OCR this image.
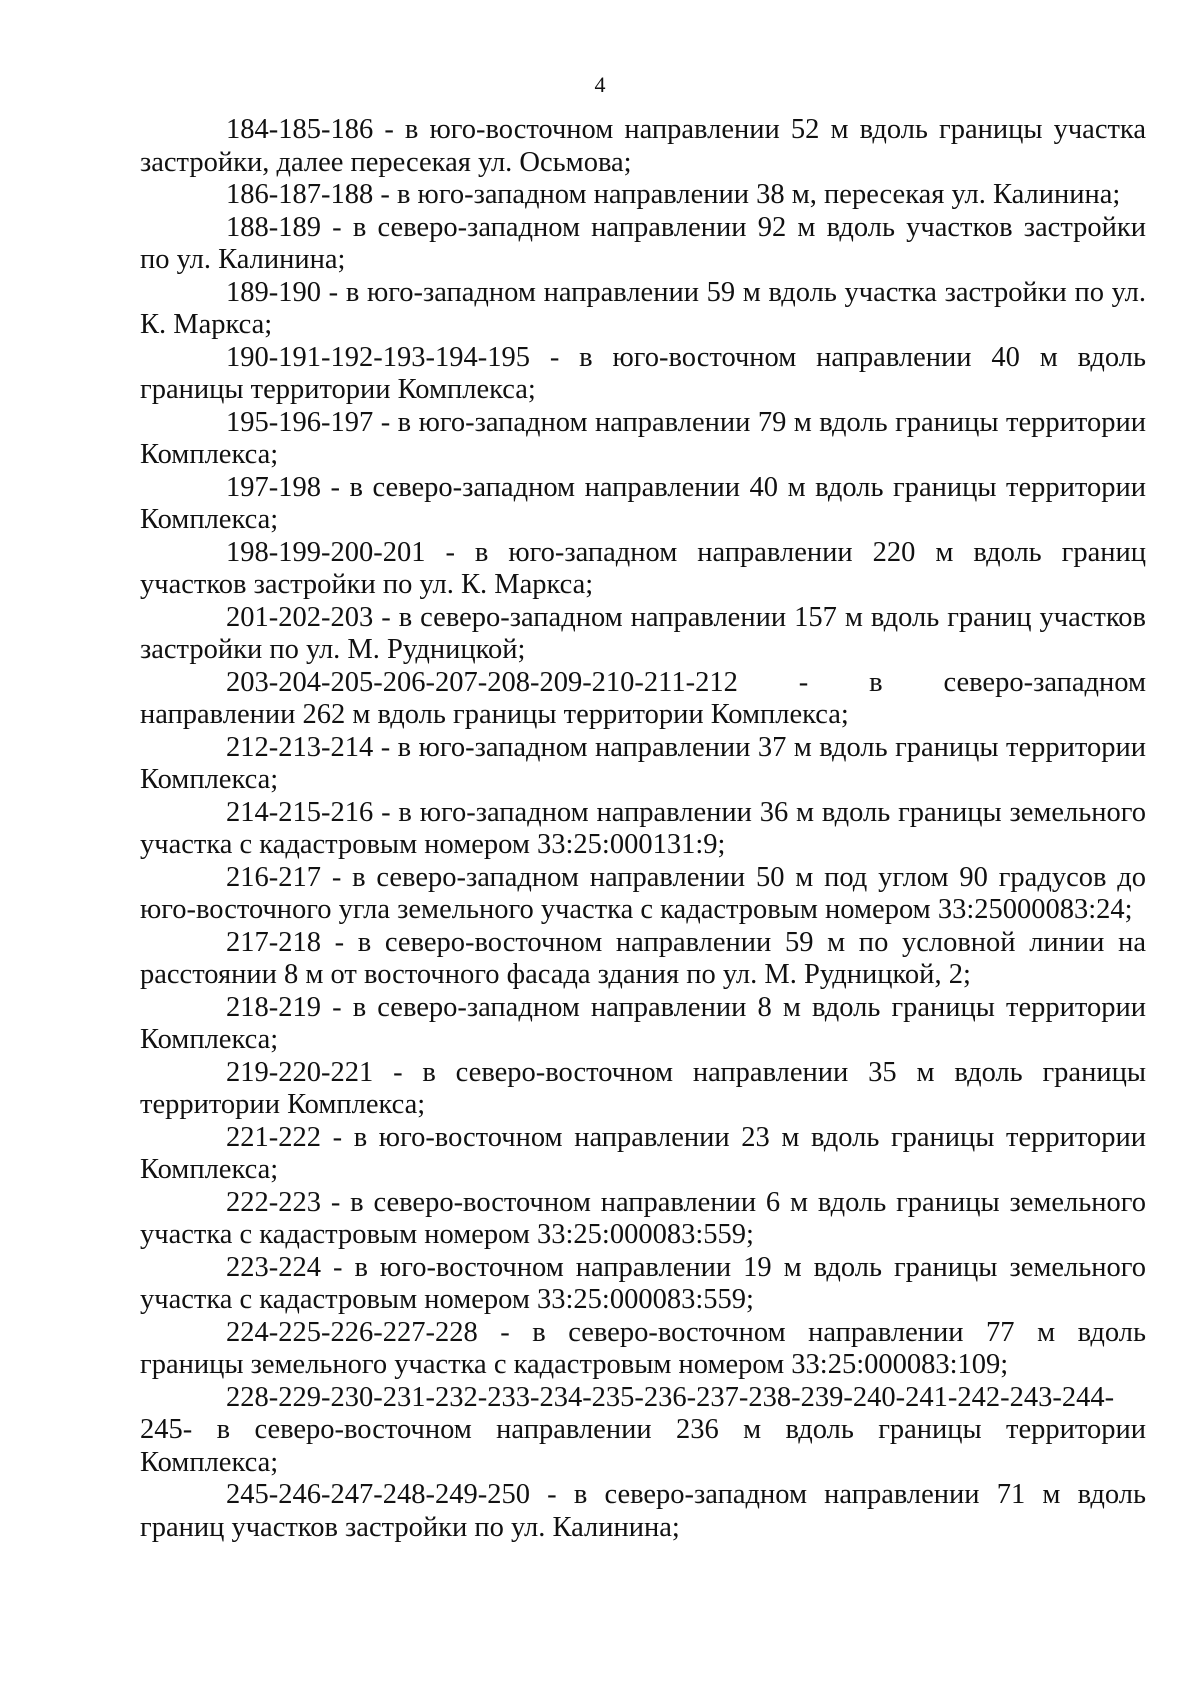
4

184-185-186 - в юго-восточном направлении 52 м вдоль границы участка застройки, далее пересекая ул. Осьмова;

186-187-188 - в юго-западном направлении 38 м, пересекая ул. Калинина;

188-189 - в северо-западном направлении 92 м вдоль участков застройки по ул. Калинина;

189-190 - в юго-западном направлении 59 м вдоль участка застройки по ул. К. Маркса;

190-191-192-193-194-195 - в юго-восточном направлении 40 м вдоль границы территории Комплекса;

195-196-197 - в юго-западном направлении 79 м вдоль границы территории Комплекса;

197-198 - в северо-западном направлении 40 м вдоль границы территории Комплекса;

198-199-200-201 - в юго-западном направлении 220 м вдоль границ участков застройки по ул. К. Маркса;

201-202-203 - в северо-западном направлении 157 м вдоль границ участков застройки по ул. М. Рудницкой;

203-204-205-206-207-208-209-210-211-212 - в северо-западном направлении 262 м вдоль границы территории Комплекса;

212-213-214 - в юго-западном направлении 37 м вдоль границы территории Комплекса;

214-215-216 - в юго-западном направлении 36 м вдоль границы земельного участка с кадастровым номером 33:25:000131:9;

216-217 - в северо-западном направлении 50 м под углом 90 градусов до юго-восточного угла земельного участка с кадастровым номером 33:25000083:24;

217-218 - в северо-восточном направлении 59 м по условной линии на расстоянии 8 м от восточного фасада здания по ул. М. Рудницкой, 2;

218-219 - в северо-западном направлении 8 м вдоль границы территории Комплекса;

219-220-221 - в северо-восточном направлении 35 м вдоль границы территории Комплекса;

221-222 - в юго-восточном направлении 23 м вдоль границы территории Комплекса;

222-223 - в северо-восточном направлении 6 м вдоль границы земельного участка с кадастровым номером 33:25:000083:559;

223-224 - в юго-восточном направлении 19 м вдоль границы земельного участка с кадастровым номером 33:25:000083:559;

224-225-226-227-228 - в северо-восточном направлении 77 м вдоль границы земельного участка с кадастровым номером 33:25:000083:109;

228-229-230-231-232-233-234-235-236-237-238-239-240-241-242-243-244-245- в северо-восточном направлении 236 м вдоль границы территории Комплекса;

245-246-247-248-249-250 - в северо-западном направлении 71 м вдоль границ участков застройки по ул. Калинина;
